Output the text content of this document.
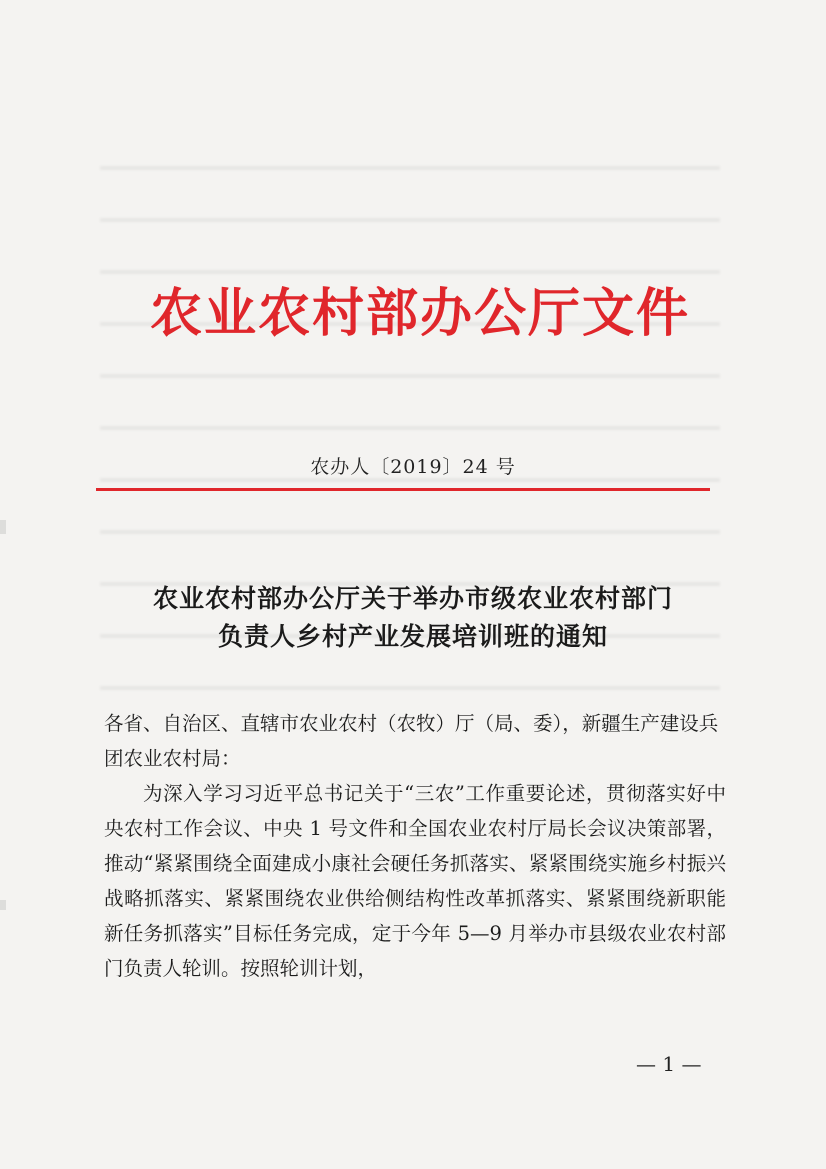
农业农村部办公厅文件
农办人〔2019〕24 号
农业农村部办公厅关于举办市级农业农村部门
负责人乡村产业发展培训班的通知
各省、自治区、直辖市农业农村（农牧）厅（局、委），新疆生产建设兵团农业农村局：
为深入学习习近平总书记关于“三农”工作重要论述，贯彻落实好中央农村工作会议、中央 1 号文件和全国农业农村厅局长会议决策部署，推动“紧紧围绕全面建成小康社会硬任务抓落实、紧紧围绕实施乡村振兴战略抓落实、紧紧围绕农业供给侧结构性改革抓落实、紧紧围绕新职能新任务抓落实”目标任务完成，定于今年 5—9 月举办市县级农业农村部门负责人轮训。按照轮训计划，
— 1 —
